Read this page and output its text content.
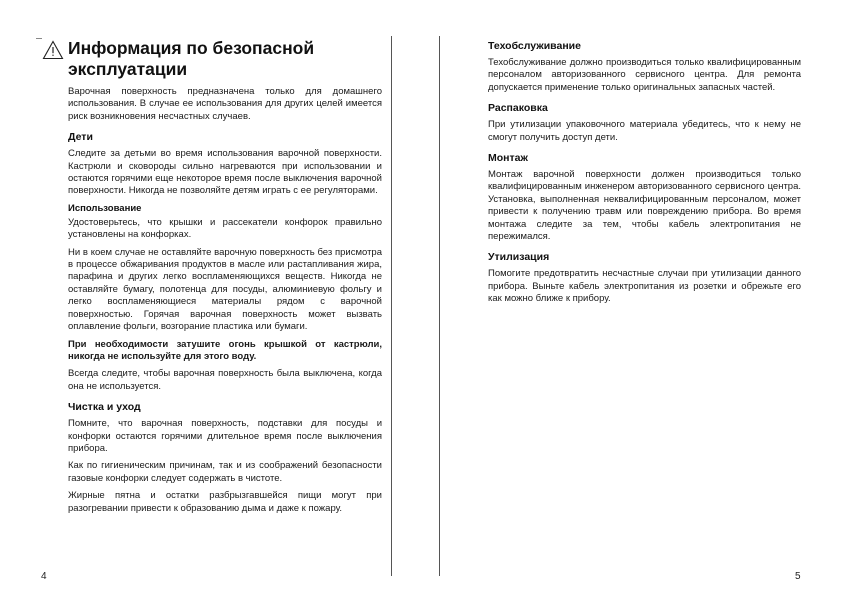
Информация по безопасной эксплуатации

Варочная поверхность предназначена только для домашнего использования. В случае ее использования для других целей имеется риск возникновения несчастных случаев.

Дети

Следите за детьми во время использования варочной поверхности. Кастрюли и сковороды сильно нагреваются при использовании и остаются горячими еще некоторое время после выключения варочной поверхности. Никогда не позволяйте детям играть с ее регуляторами.

Использование

Удостоверьтесь, что крышки и рассекатели конфорок правильно установлены на конфорках.

Ни в коем случае не оставляйте варочную поверхность без присмотра в процессе обжаривания продуктов в масле или растапливания жира, парафина и других легко воспламеняющихся веществ. Никогда не оставляйте бумагу, полотенца для посуды, алюминиевую фольгу и легко воспламеняющиеся материалы рядом с варочной поверхностью. Горячая варочная поверхность может вызвать оплавление фольги, возгорание пластика или бумаги.

При необходимости затушите огонь крышкой от кастрюли, никогда не используйте для этого воду.

Всегда следите, чтобы варочная поверхность была выключена, когда она не используется.

Чистка и уход

Помните, что варочная поверхность, подставки для посуды и конфорки остаются горячими длительное время после выключения прибора.

Как по гигиеническим причинам, так и из соображений безопасности газовые конфорки следует содержать в чистоте.

Жирные пятна и остатки разбрызгавшейся пищи могут при разогревании привести к образованию дыма и даже к пожару.

4
Техобслуживание

Техобслуживание должно производиться только квалифицированным персоналом авторизованного сервисного центра. Для ремонта допускается применение только оригинальных запасных частей.

Распаковка

При утилизации упаковочного материала убедитесь, что к нему не смогут получить доступ дети.

Монтаж

Монтаж варочной поверхности должен производиться только квалифицированным инженером авторизованного сервисного центра. Установка, выполненная неквалифицированным персоналом, может привести к получению травм или повреждению прибора. Во время монтажа следите за тем, чтобы кабель электропитания не пережимался.

Утилизация

Помогите предотвратить несчастные случаи при утилизации данного прибора. Выньте кабель электропитания из розетки и обрежьте его как можно ближе к прибору.

5
